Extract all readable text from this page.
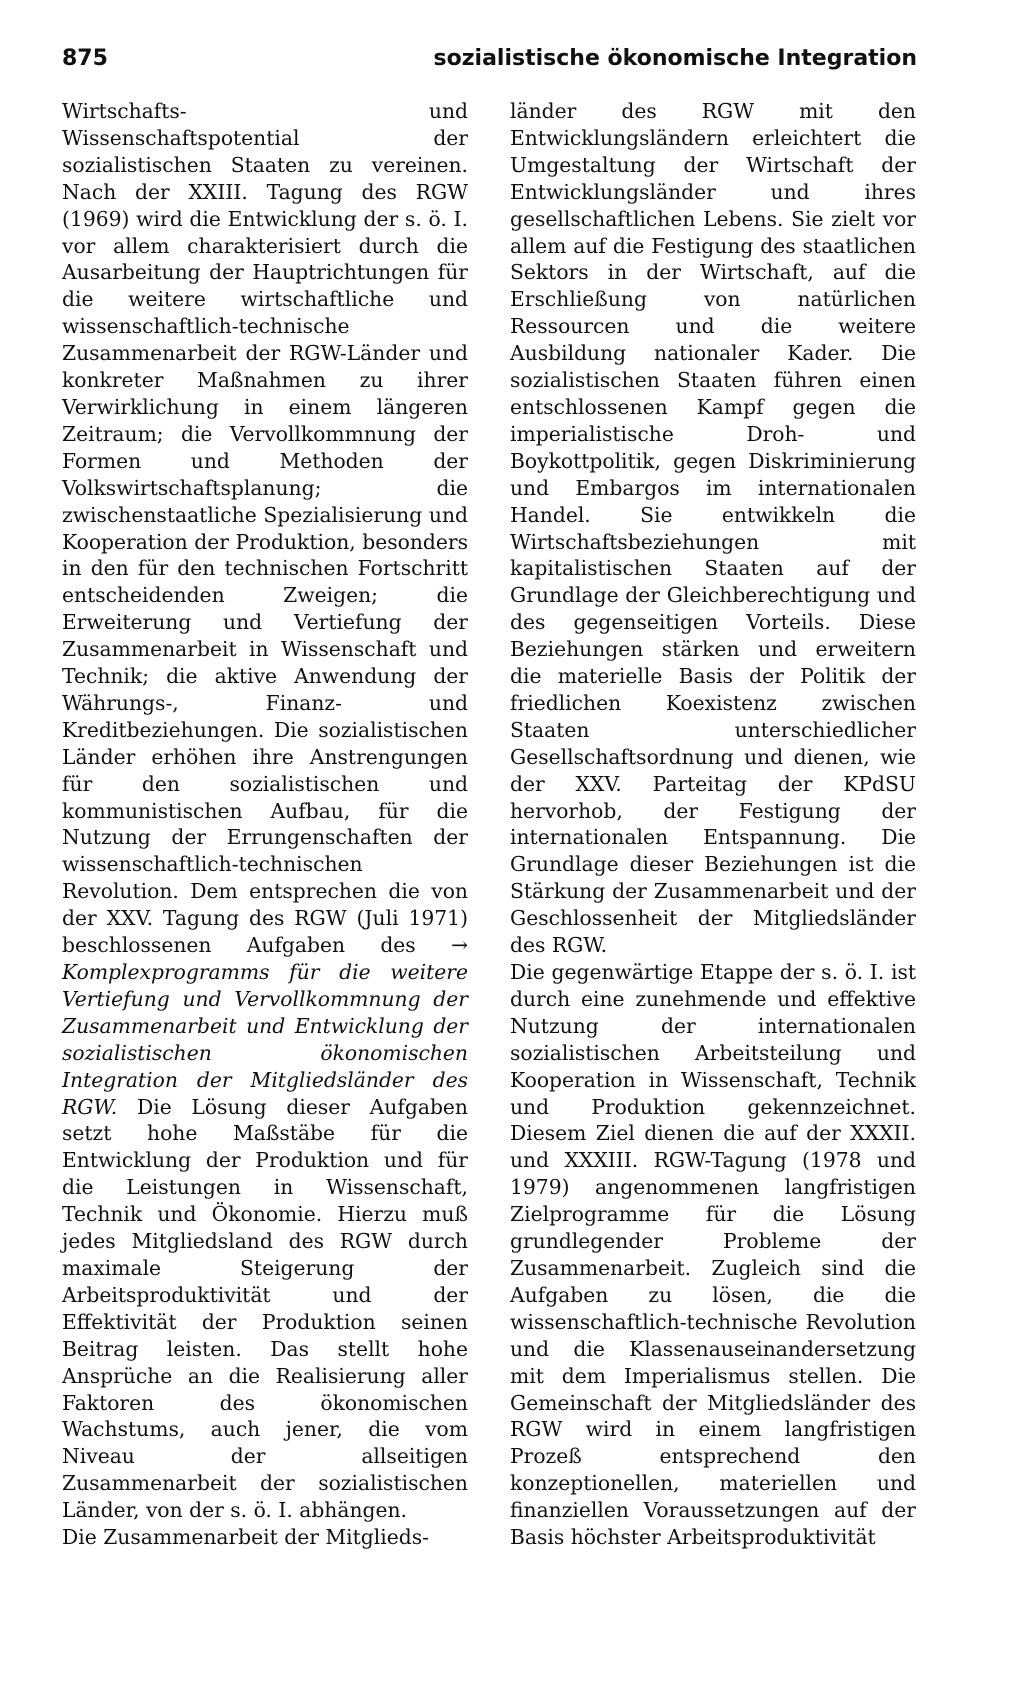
875	sozialistische ökonomische Integration

Wirtschafts- und Wissenschaftspotential der sozialistischen Staaten zu vereinen. Nach der XXIII. Tagung des RGW (1969) wird die Entwicklung der s. ö. I. vor allem charakterisiert durch die Ausarbeitung der Hauptrichtungen für die weitere wirtschaftliche und wissenschaftlich-technische Zusammenarbeit der RGW-Länder und konkreter Maßnahmen zu ihrer Verwirklichung in einem längeren Zeitraum; die Vervollkommnung der Formen und Methoden der Volkswirtschaftsplanung; die zwischenstaatliche Spezialisierung und Kooperation der Produktion, besonders in den für den technischen Fortschritt entscheidenden Zweigen; die Erweiterung und Vertiefung der Zusammenarbeit in Wissenschaft und Technik; die aktive Anwendung der Währungs-, Finanz- und Kreditbeziehungen. Die sozialistischen Länder erhöhen ihre Anstrengungen für den sozialistischen und kommunistischen Aufbau, für die Nutzung der Errungenschaften der wissenschaftlich-technischen Revolution. Dem entsprechen die von der XXV. Tagung des RGW (Juli 1971) beschlossenen Aufgaben des → Komplexprogramms für die weitere Vertiefung und Vervollkommnung der Zusammenarbeit und Entwicklung der sozialistischen ökonomischen Integration der Mitgliedsländer des RGW. Die Lösung dieser Aufgaben setzt hohe Maßstäbe für die Entwicklung der Produktion und für die Leistungen in Wissenschaft, Technik und Ökonomie. Hierzu muß jedes Mitgliedsland des RGW durch maximale Steigerung der Arbeitsproduktivität und der Effektivität der Produktion seinen Beitrag leisten. Das stellt hohe Ansprüche an die Realisierung aller Faktoren des ökonomischen Wachstums, auch jener, die vom Niveau der allseitigen Zusammenarbeit der sozialistischen Länder, von der s. ö. I. abhängen.

Die Zusammenarbeit der Mitglieds-

länder des RGW mit den Entwicklungsländern erleichtert die Umgestaltung der Wirtschaft der Entwicklungsländer und ihres gesellschaftlichen Lebens. Sie zielt vor allem auf die Festigung des staatlichen Sektors in der Wirtschaft, auf die Erschließung von natürlichen Ressourcen und die weitere Ausbildung nationaler Kader. Die sozialistischen Staaten führen einen entschlossenen Kampf gegen die imperialistische Droh- und Boykottpolitik, gegen Diskriminierung und Embargos im internationalen Handel. Sie entwikkeln die Wirtschaftsbeziehungen mit kapitalistischen Staaten auf der Grundlage der Gleichberechtigung und des gegenseitigen Vorteils. Diese Beziehungen stärken und erweitern die materielle Basis der Politik der friedlichen Koexistenz zwischen Staaten unterschiedlicher Gesellschaftsordnung und dienen, wie der XXV. Parteitag der KPdSU hervorhob, der Festigung der internationalen Entspannung. Die Grundlage dieser Beziehungen ist die Stärkung der Zusammenarbeit und der Geschlossenheit der Mitgliedsländer des RGW.

Die gegenwärtige Etappe der s. ö. I. ist durch eine zunehmende und effektive Nutzung der internationalen sozialistischen Arbeitsteilung und Kooperation in Wissenschaft, Technik und Produktion gekennzeichnet. Diesem Ziel dienen die auf der XXXII. und XXXIII. RGW-Tagung (1978 und 1979) angenommenen langfristigen Zielprogramme für die Lösung grundlegender Probleme der Zusammenarbeit. Zugleich sind die Aufgaben zu lösen, die die wissenschaftlich-technische Revolution und die Klassenauseinandersetzung mit dem Imperialismus stellen. Die Gemeinschaft der Mitgliedsländer des RGW wird in einem langfristigen Prozeß entsprechend den konzeptionellen, materiellen und finanziellen Voraussetzungen auf der Basis höchster Arbeitsproduktivität
